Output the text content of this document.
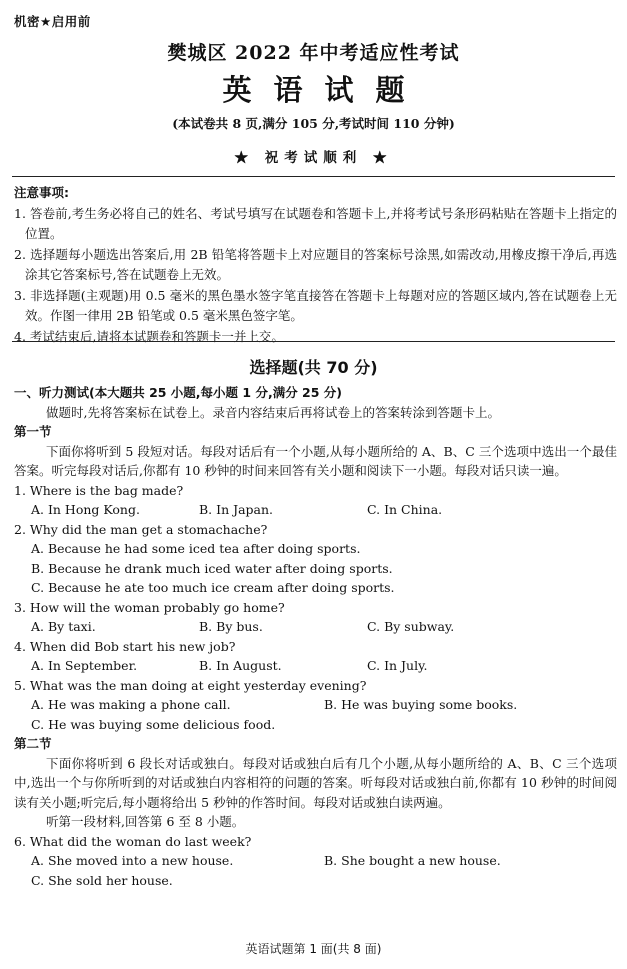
机密★启用前
樊城区 2022 年中考适应性考试
英语试题
(本试卷共 8 页,满分 105 分,考试时间 110 分钟)
★ 祝考试顺利 ★
注意事项:
1. 答卷前,考生务必将自己的姓名、考试号填写在试题卷和答题卡上,并将考试号条形码粘贴在答题卡上指定的位置。
2. 选择题每小题选出答案后,用 2B 铅笔将答题卡上对应题目的答案标号涂黑,如需改动,用橡皮擦干净后,再选涂其它答案标号,答在试题卷上无效。
3. 非选择题(主观题)用 0.5 毫米的黑色墨水签字笔直接答在答题卡上每题对应的答题区域内,答在试题卷上无效。作图一律用 2B 铅笔或 0.5 毫米黑色签字笔。
4. 考试结束后,请将本试题卷和答题卡一并上交。
选择题(共 70 分)
一、听力测试(本大题共 25 小题,每小题 1 分,满分 25 分)
做题时,先将答案标在试卷上。录音内容结束后再将试卷上的答案转涂到答题卡上。
第一节
下面你将听到 5 段短对话。每段对话后有一个小题,从每小题所给的 A、B、C 三个选项中选出一个最佳答案。听完每段对话后,你都有 10 秒钟的时间来回答有关小题和阅读下一小题。每段对话只读一遍。
1. Where is the bag made?
A. In Hong Kong.	B. In Japan.	C. In China.
2. Why did the man get a stomachache?
A. Because he had some iced tea after doing sports.
B. Because he drank much iced water after doing sports.
C. Because he ate too much ice cream after doing sports.
3. How will the woman probably go home?
A. By taxi.	B. By bus.	C. By subway.
4. When did Bob start his new job?
A. In September.	B. In August.	C. In July.
5. What was the man doing at eight yesterday evening?
A. He was making a phone call.	B. He was buying some books.
C. He was buying some delicious food.
第二节
下面你将听到 6 段长对话或独白。每段对话或独白后有几个小题,从每小题所给的 A、B、C 三个选项中,选出一个与你所听到的对话或独白内容相符的问题的答案。听每段对话或独白前,你都有 10 秒钟的时间阅读有关小题;听完后,每小题将给出 5 秒钟的作答时间。每段对话或独白读两遍。
听第一段材料,回答第 6 至 8 小题。
6. What did the woman do last week?
A. She moved into a new house.	B. She bought a new house.
C. She sold her house.
英语试题第 1 面(共 8 面)
